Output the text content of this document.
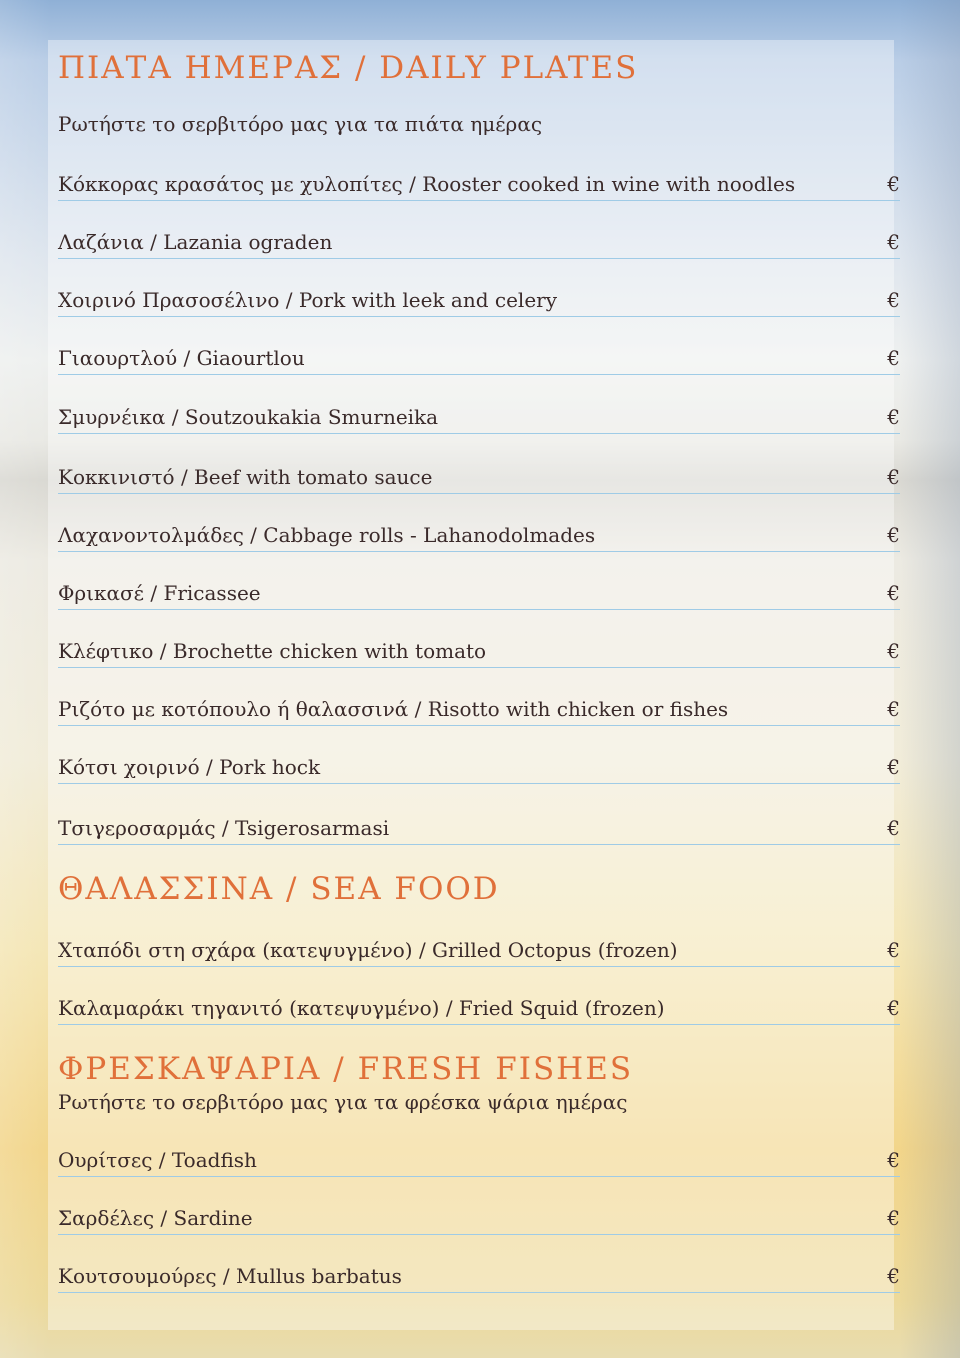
ΠΙΑΤΑ ΗΜΕΡΑΣ / DAILY PLATES
Ρωτήστε το σερβιτόρο μας για τα πιάτα ημέρας
Κόκκορας κρασάτος με χυλοπίτες / Rooster cooked in wine with noodles	€
Λαζάνια / Lazania ograden	€
Χοιρινό Πρασοσέλινο / Pork with leek and celery	€
Γιαουρτλού / Giaourtlou	€
Σμυρνέικα / Soutzoukakia Smurneika	€
Κοκκινιστό / Beef with tomato sauce	€
Λαχανοντολμάδες / Cabbage rolls - Lahanodolmades	€
Φρικασέ / Fricassee	€
Κλέφτικο / Brochette chicken with tomato	€
Ριζότο με κοτόπουλο ή θαλασσινά / Risotto with chicken or fishes	€
Κότσι χοιρινό / Pork hock	€
Τσιγεροσαρμάς / Tsigerosarmasi	€
ΘΑΛΑΣΣΙΝΑ / SEA FOOD
Χταπόδι στη σχάρα (κατεψυγμένο) / Grilled Octopus (frozen)	€
Καλαμαράκι τηγανιτό (κατεψυγμένο) / Fried Squid (frozen)	€
ΦΡΕΣΚΑΨΑΡΙΑ / FRESH FISHES
Ρωτήστε το σερβιτόρο μας για τα φρέσκα ψάρια ημέρας
Ουρίτσες / Toadfish	€
Σαρδέλες / Sardine	€
Κουτσουμούρες / Mullus barbatus	€
